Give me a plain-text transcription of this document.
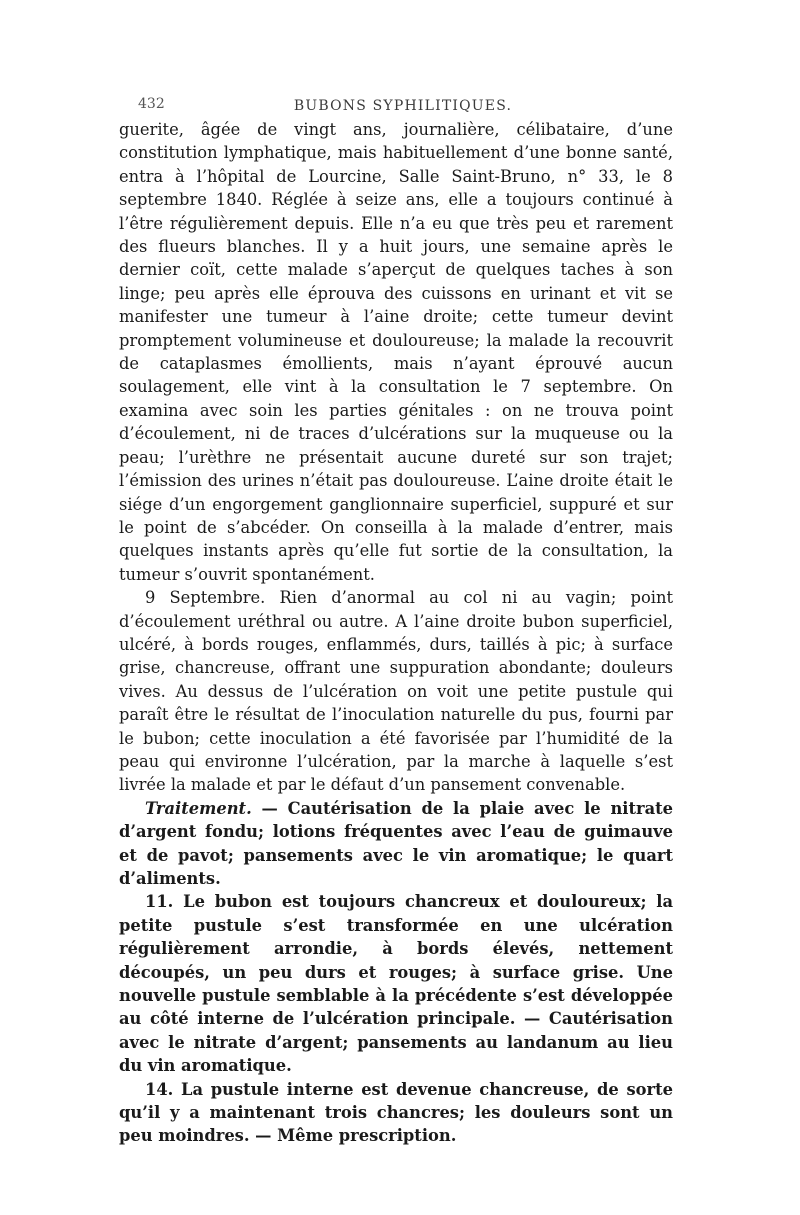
432	BUBONS SYPHILITIQUES.

guerite, âgée de vingt ans, journalière, célibataire, d’une constitution lymphatique, mais habituellement d’une bonne santé, entra à l’hôpital de Lourcine, Salle Saint-Bruno, n° 33, le 8 septembre 1840. Réglée à seize ans, elle a toujours continué à l’être régulièrement depuis. Elle n’a eu que très peu et rarement des flueurs blanches. Il y a huit jours, une semaine après le dernier coït, cette malade s’aperçut de quelques taches à son linge; peu après elle éprouva des cuissons en urinant et vit se manifester une tumeur à l’aine droite; cette tumeur devint promptement volumineuse et douloureuse; la malade la recouvrit de cataplasmes émollients, mais n’ayant éprouvé aucun soulagement, elle vint à la consultation le 7 septembre. On examina avec soin les parties génitales : on ne trouva point d’écoulement, ni de traces d’ulcérations sur la muqueuse ou la peau; l’urèthre ne présentait aucune dureté sur son trajet; l’émission des urines n’était pas douloureuse. L’aine droite était le siége d’un engorgement ganglionnaire superficiel, suppuré et sur le point de s’abcéder. On conseilla à la malade d’entrer, mais quelques instants après qu’elle fut sortie de la consultation, la tumeur s’ouvrit spontanément.

9 Septembre. Rien d’anormal au col ni au vagin; point d’écoulement uréthral ou autre. A l’aine droite bubon superficiel, ulcéré, à bords rouges, enflammés, durs, taillés à pic; à surface grise, chancreuse, offrant une suppuration abondante; douleurs vives. Au dessus de l’ulcération on voit une petite pustule qui paraît être le résultat de l’inoculation naturelle du pus, fourni par le bubon; cette inoculation a été favorisée par l’humidité de la peau qui environne l’ulcération, par la marche à laquelle s’est livrée la malade et par le défaut d’un pansement convenable.

Traitement. — Cautérisation de la plaie avec le nitrate d’argent fondu; lotions fréquentes avec l’eau de guimauve et de pavot; pansements avec le vin aromatique; le quart d’aliments.

11. Le bubon est toujours chancreux et douloureux; la petite pustule s’est transformée en une ulcération régulièrement arrondie, à bords élevés, nettement découpés, un peu durs et rouges; à surface grise. Une nouvelle pustule semblable à la précédente s’est développée au côté interne de l’ulcération principale. — Cautérisation avec le nitrate d’argent; pansements au landanum au lieu du vin aromatique.

14. La pustule interne est devenue chancreuse, de sorte qu’il y a maintenant trois chancres; les douleurs sont un peu moindres. — Même prescription.
